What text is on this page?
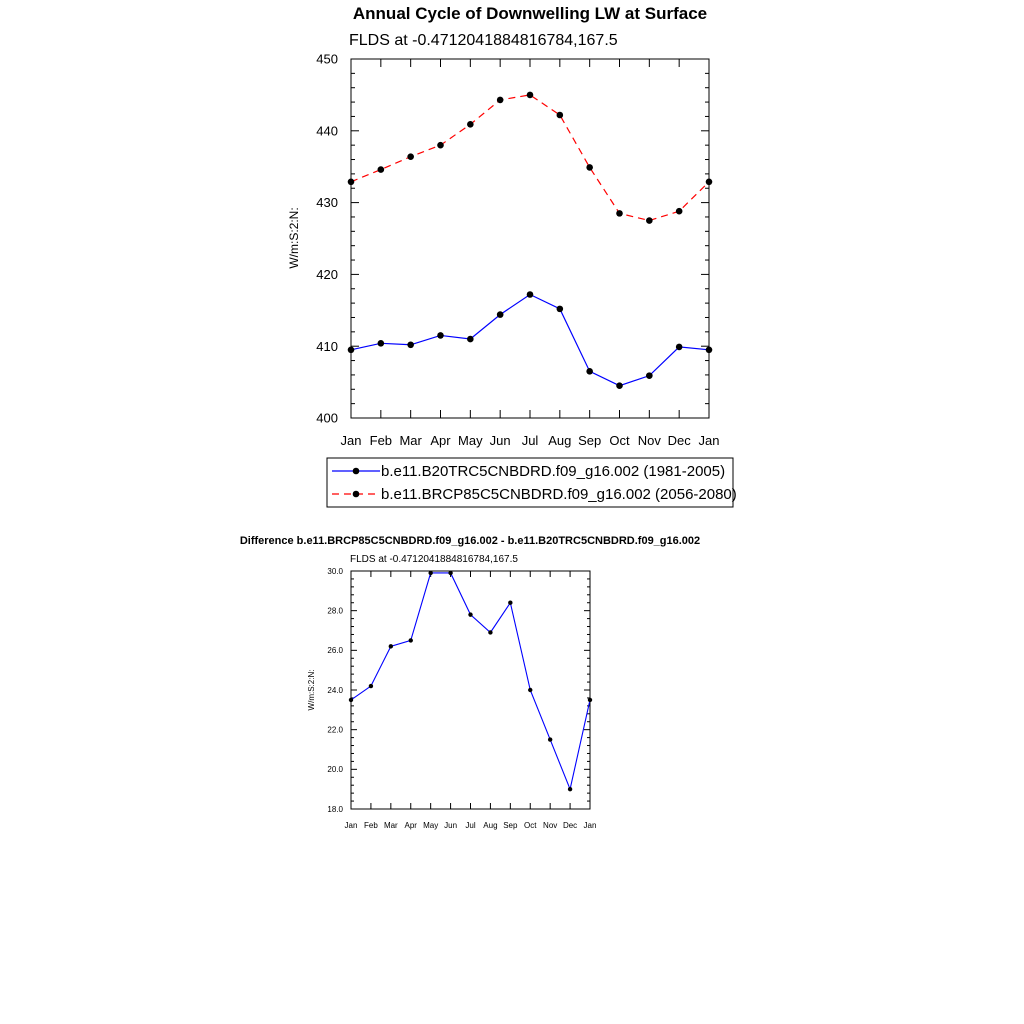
Annual Cycle of Downwelling LW at Surface
FLDS at -0.4712041884816784,167.5
W/m:S:2:N:
Jan Feb Mar Apr May Jun Jul Aug Sep Oct Nov Dec Jan
400
410
420
430
440
450
b.e11.B20TRC5CNBDRD.f09_g16.002 (1981-2005)
b.e11.BRCP85C5CNBDRD.f09_g16.002 (2056-2080)
Difference b.e11.BRCP85C5CNBDRD.f09_g16.002 - b.e11.B20TRC5CNBDRD.f09_g16.002
FLDS at -0.4712041884816784,167.5
W/m:S:2:N:
Jan Feb Mar Apr May Jun Jul Aug Sep Oct Nov Dec Jan
18.0
20.0
22.0
24.0
26.0
28.0
30.0
